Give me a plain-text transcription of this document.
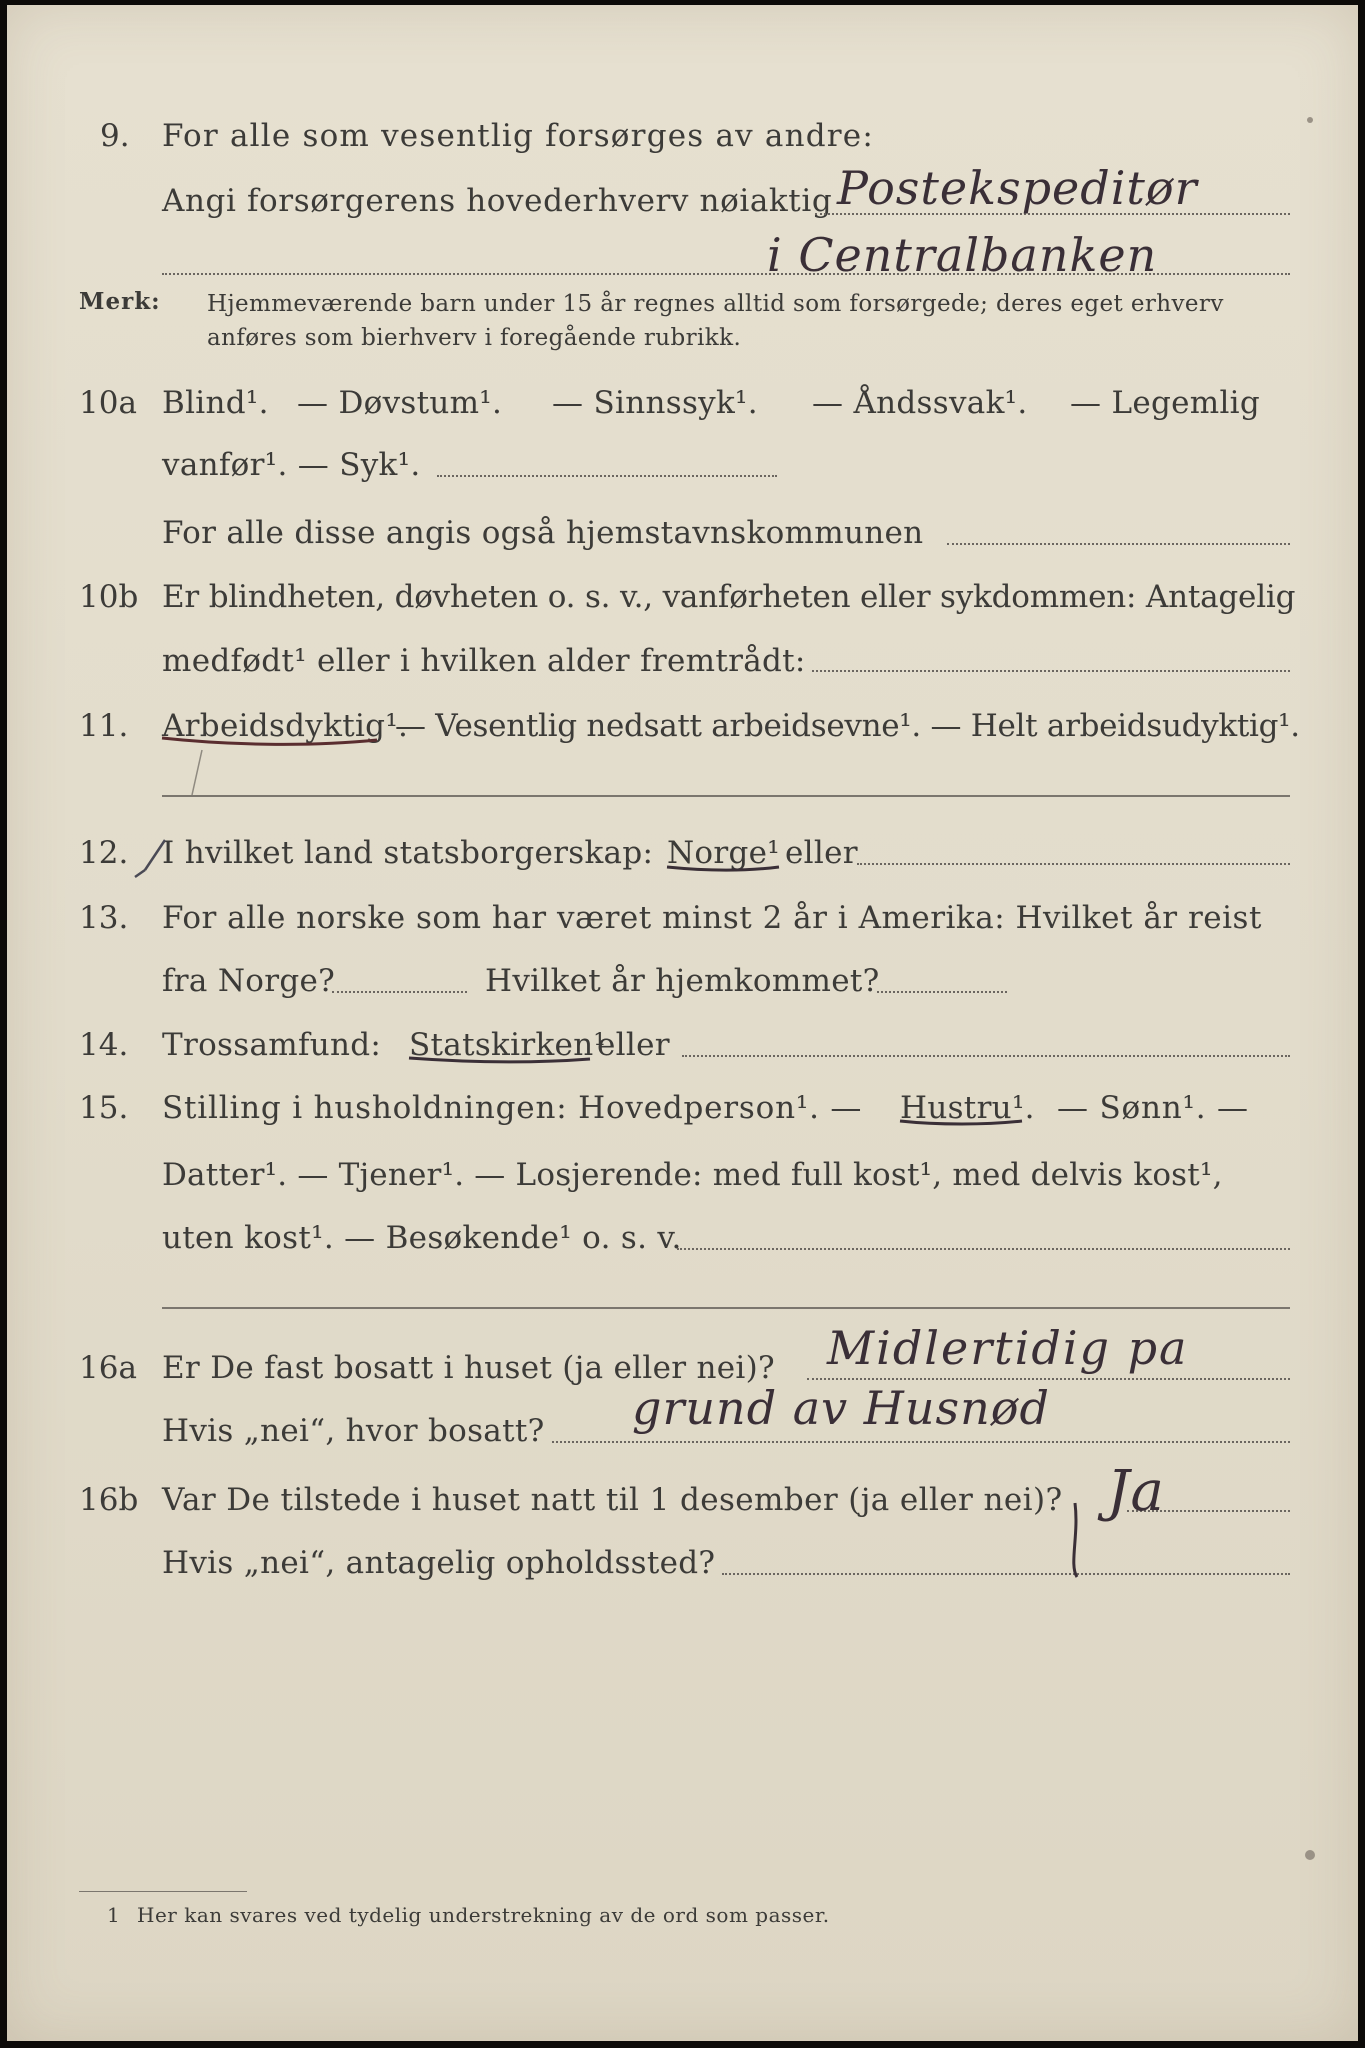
9. For alle som vesentlig forsørges av andre:
Angi forsørgerens hovederhverv nøiaktig Postekspeditør
i Centralbanken
Merk: Hjemmeværende barn under 15 år regnes alltid som forsørgede; deres eget erhverv
anføres som bierhverv i foregående rubrikk.
10a Blind¹. — Døvstum¹. — Sinnssyk¹. — Åndssvak¹. — Legemlig
vanfør¹. — Syk¹.
For alle disse angis også hjemstavnskommunen
10b Er blindheten, døvheten o. s. v., vanførheten eller sykdommen: Antagelig
medfødt¹ eller i hvilken alder fremtrådt:
11. Arbeidsdyktig¹.
— Vesentlig nedsatt arbeidsevne¹. — Helt arbeidsudyktig¹.
12. I hvilket land statsborgerskap: Norge¹ eller
13. For alle norske som har været minst 2 år i Amerika: Hvilket år reist
fra Norge?	Hvilket år hjemkommet?
14. Trossamfund: Statskirken¹
eller
15. Stilling i husholdningen: Hovedperson¹. — Hustru¹. — Sønn¹. —
Datter¹. — Tjener¹. — Losjerende: med full kost¹, med delvis kost¹,
uten kost¹. — Besøkende¹ o. s. v.
16a Er De fast bosatt i huset (ja eller nei)? Midlertidig pa
Hvis „nei“, hvor bosatt? grund av Husnød
16b Var De tilstede i huset natt til 1 desember (ja eller nei)? Ja
Hvis „nei“, antagelig opholdssted?
1 Her kan svares ved tydelig understrekning av de ord som passer.
